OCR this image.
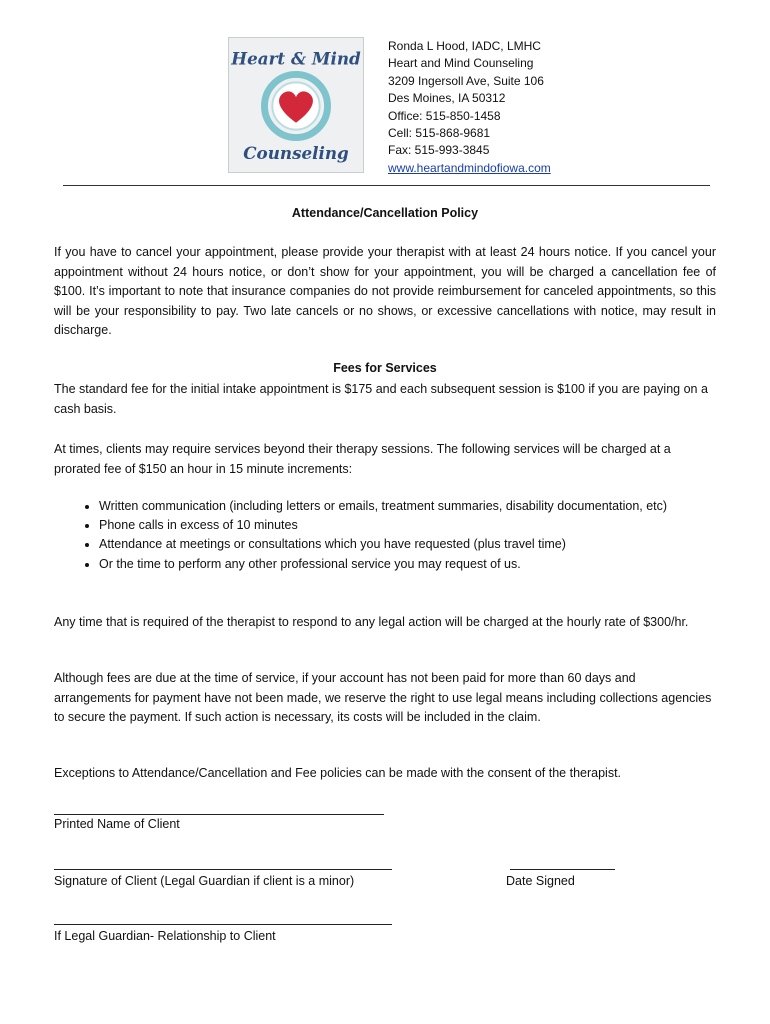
Heart & Mind
Counseling
Ronda L Hood, IADC, LMHC
Heart and Mind Counseling
3209 Ingersoll Ave, Suite 106
Des Moines, IA 50312
Office: 515-850-1458
Cell: 515-868-9681
Fax: 515-993-3845
www.heartandmindofiowa.com
Attendance/Cancellation Policy
If you have to cancel your appointment, please provide your therapist with at least 24 hours notice. If you cancel your appointment without 24 hours notice, or don’t show for your appointment, you will be charged a cancellation fee of $100. It’s important to note that insurance companies do not provide reimbursement for canceled appointments, so this will be your responsibility to pay. Two late cancels or no shows, or excessive cancellations with notice, may result in discharge.
Fees for Services
The standard fee for the initial intake appointment is $175 and each subsequent session is $100 if you are paying on a cash basis.
At times, clients may require services beyond their therapy sessions. The following services will be charged at a prorated fee of $150 an hour in 15 minute increments:
• Written communication (including letters or emails, treatment summaries, disability documentation, etc)
• Phone calls in excess of 10 minutes
• Attendance at meetings or consultations which you have requested (plus travel time)
• Or the time to perform any other professional service you may request of us.
Any time that is required of the therapist to respond to any legal action will be charged at the hourly rate of $300/hr.
Although fees are due at the time of service, if your account has not been paid for more than 60 days and arrangements for payment have not been made, we reserve the right to use legal means including collections agencies to secure the payment. If such action is necessary, its costs will be included in the claim.
Exceptions to Attendance/Cancellation and Fee policies can be made with the consent of the therapist.
Printed Name of Client
Signature of Client (Legal Guardian if client is a minor)	Date Signed
If Legal Guardian- Relationship to Client
